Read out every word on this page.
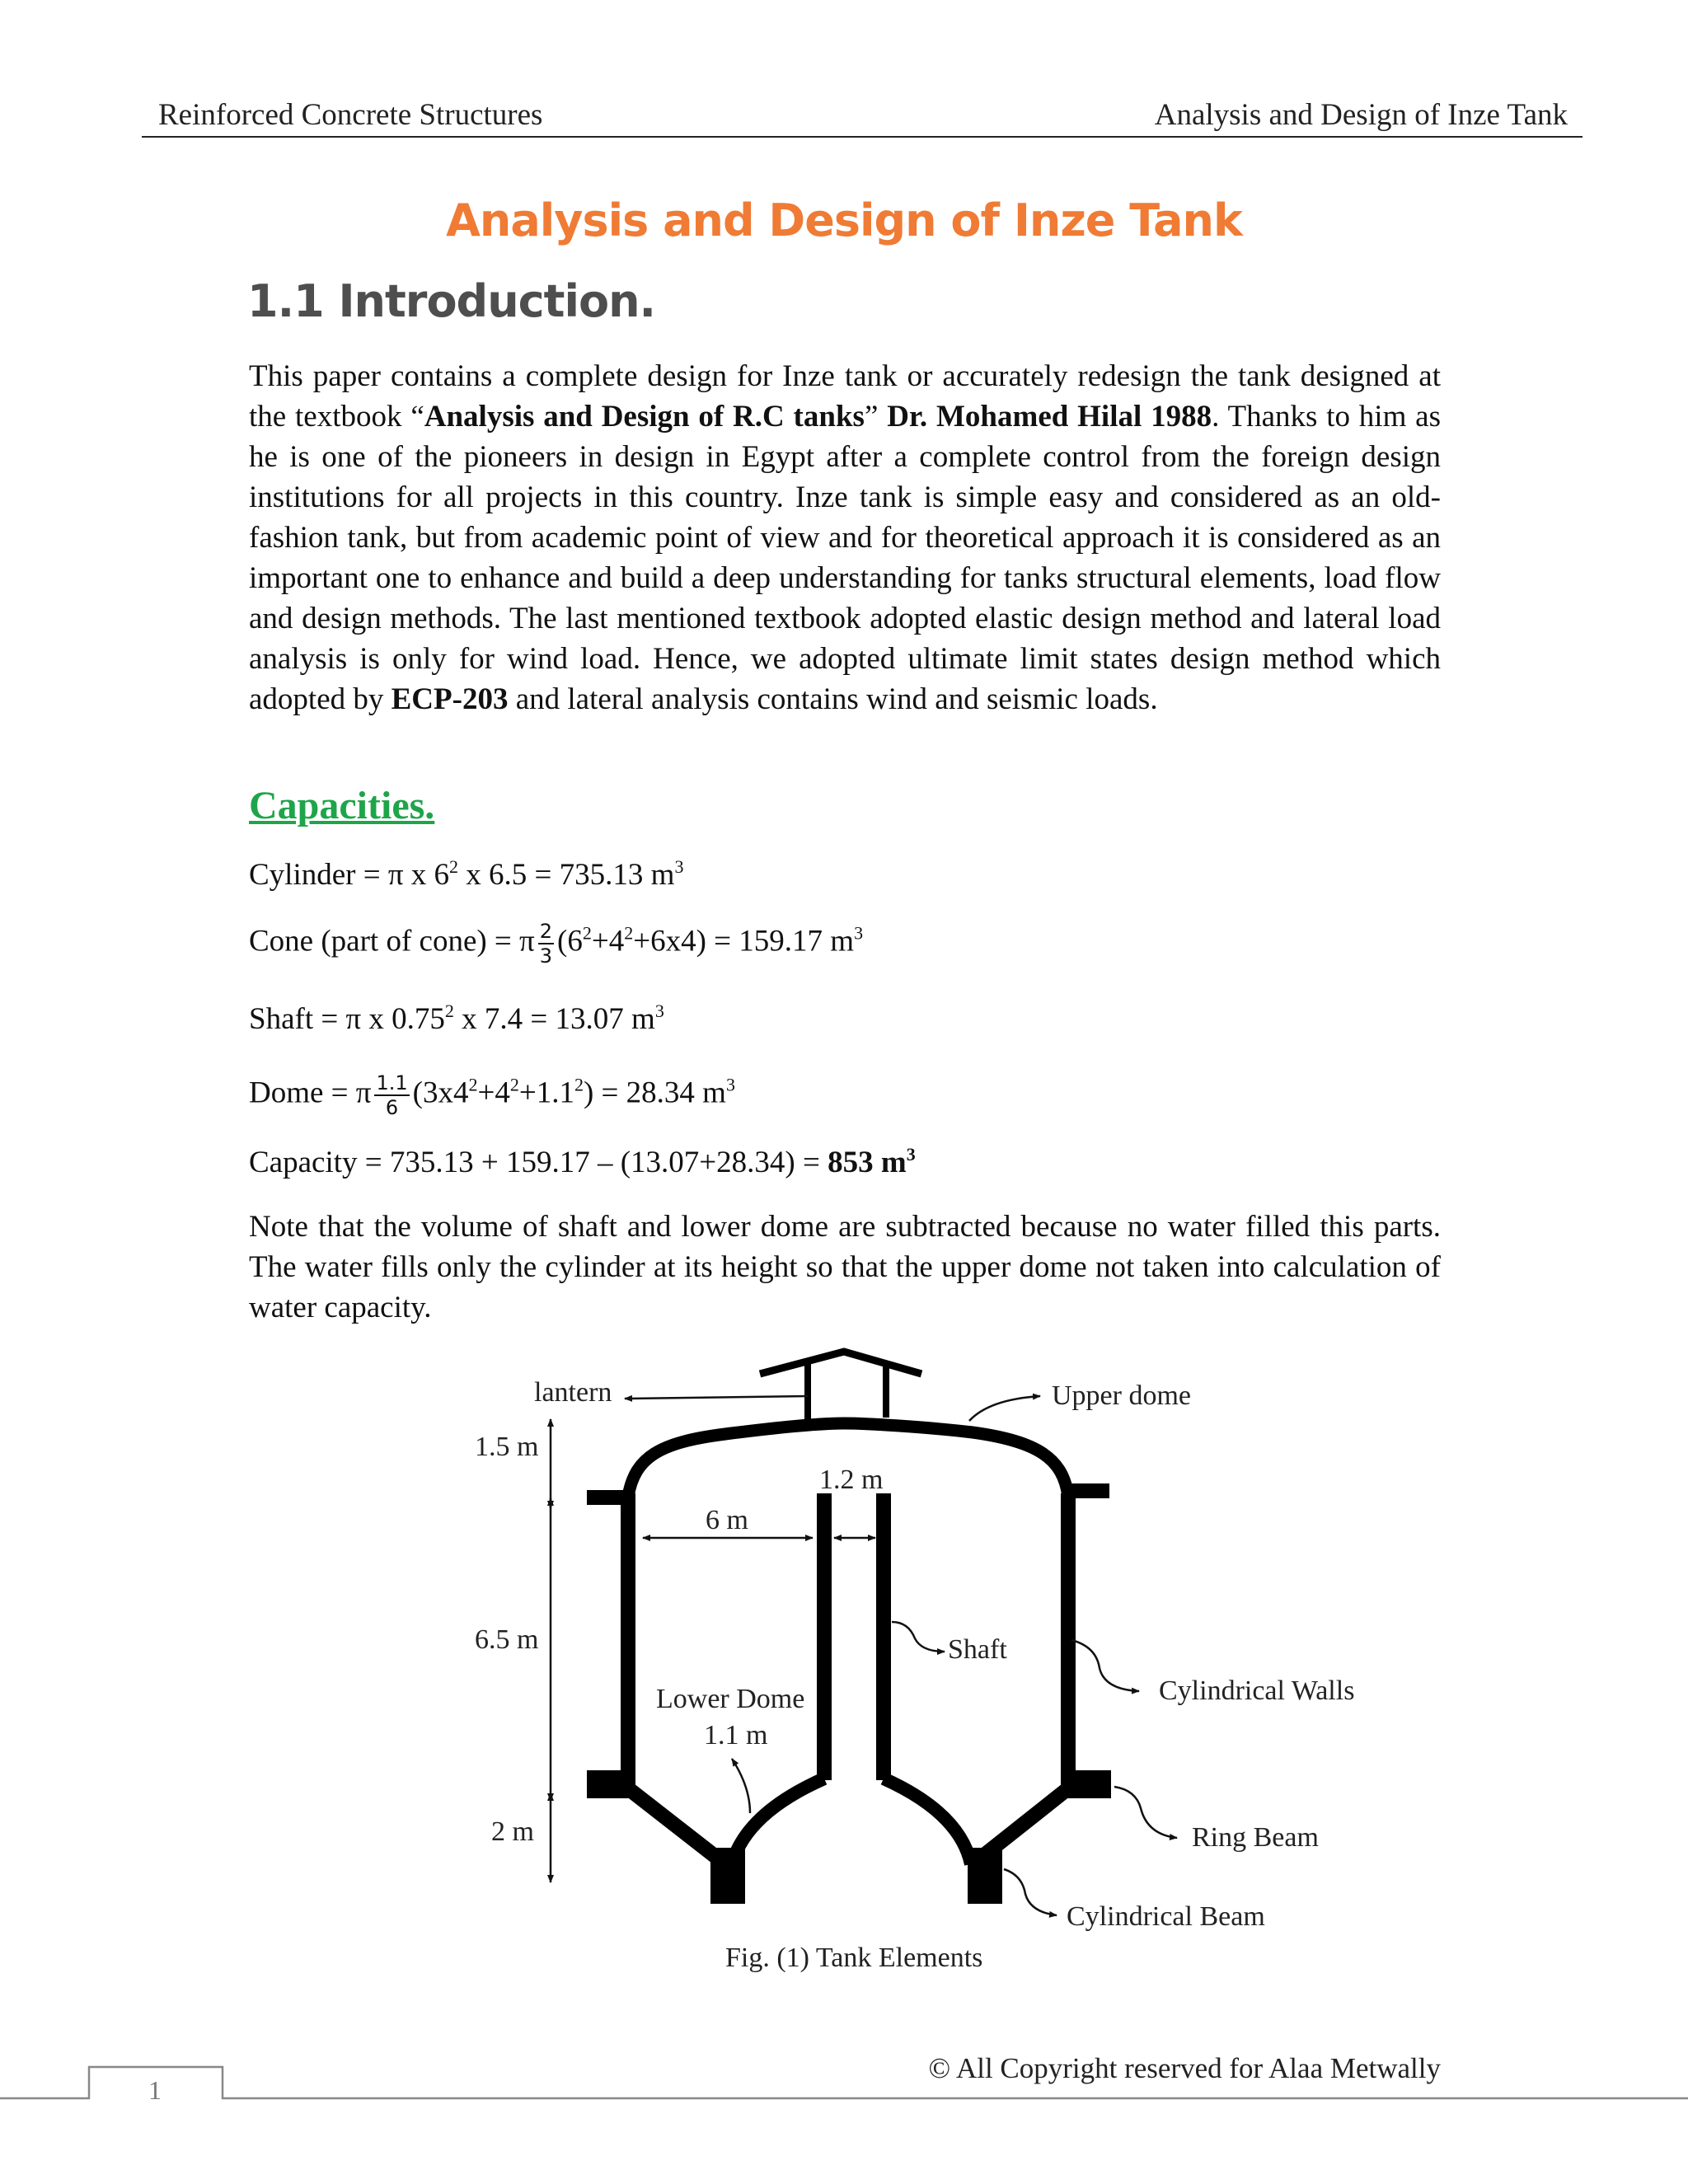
Reinforced Concrete Structures	Analysis and Design of Inze Tank
Analysis and Design of Inze Tank
1.1 Introduction.

This paper contains a complete design for Inze tank or accurately redesign the tank designed at the textbook “Analysis and Design of R.C tanks” Dr. Mohamed Hilal 1988. Thanks to him as he is one of the pioneers in design in Egypt after a complete control from the foreign design institutions for all projects in this country. Inze tank is simple easy and considered as an old-fashion tank, but from academic point of view and for theoretical approach it is considered as an important one to enhance and build a deep understanding for tanks structural elements, load flow and design methods. The last mentioned textbook adopted elastic design method and lateral load analysis is only for wind load. Hence, we adopted ultimate limit states design method which adopted by ECP-203 and lateral analysis contains wind and seismic loads.

Capacities.
Cylinder = π x $6^2$ x 6.5 = 735.13 $m^3$
Cone (part of cone) = π $\frac{2}{3} (6^2+4^2+6x4) = 159.17$ $m^3$
Shaft = π x 0.75$^2$ x 7.4 = 13.07 $m^3$
Dome = π $\frac{1.1}{6} (3x4^2+4^2+1.1^2) = 28.34$ $m^3$
Capacity = 735.13 + 159.17 – (13.07+28.34) = 853 $m^3$

Note that the volume of shaft and lower dome are subtracted because no water filled this parts. The water fills only the cylinder at its height so that the upper dome not taken into calculation of water capacity.

lantern	Upper dome
1.5 m
6.5 m
2 m
6 m
1.2 m
Shaft
Cylindrical Walls
Lower Dome
1.1 m
Ring Beam
Cylindrical Beam
Fig. (1) Tank Elements
© All Copyright reserved for Alaa Metwally
1
